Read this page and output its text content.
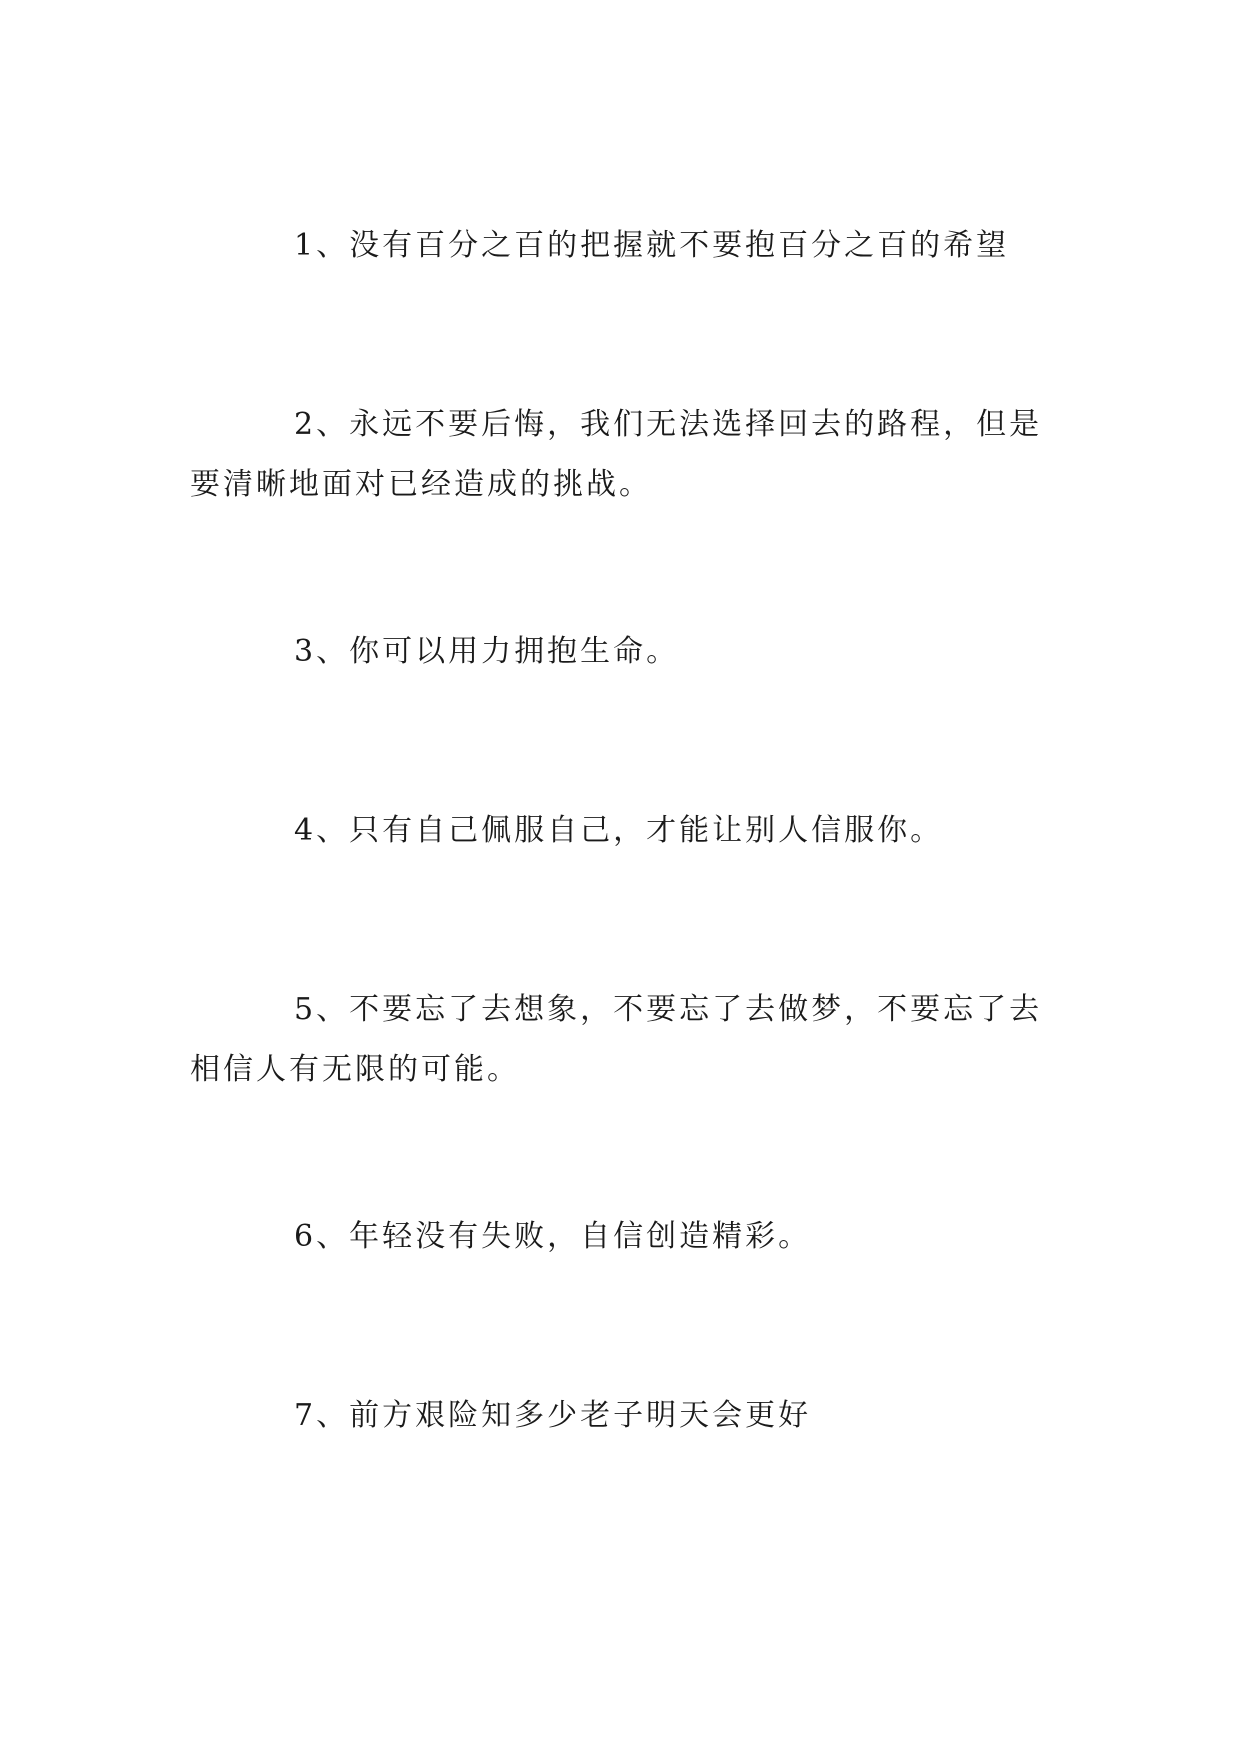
1、没有百分之百的把握就不要抱百分之百的希望

2、永远不要后悔，我们无法选择回去的路程，但是要清晰地面对已经造成的挑战。

3、你可以用力拥抱生命。

4、只有自己佩服自己，才能让别人信服你。

5、不要忘了去想象，不要忘了去做梦，不要忘了去相信人有无限的可能。

6、年轻没有失败，自信创造精彩。

7、前方艰险知多少老子明天会更好
